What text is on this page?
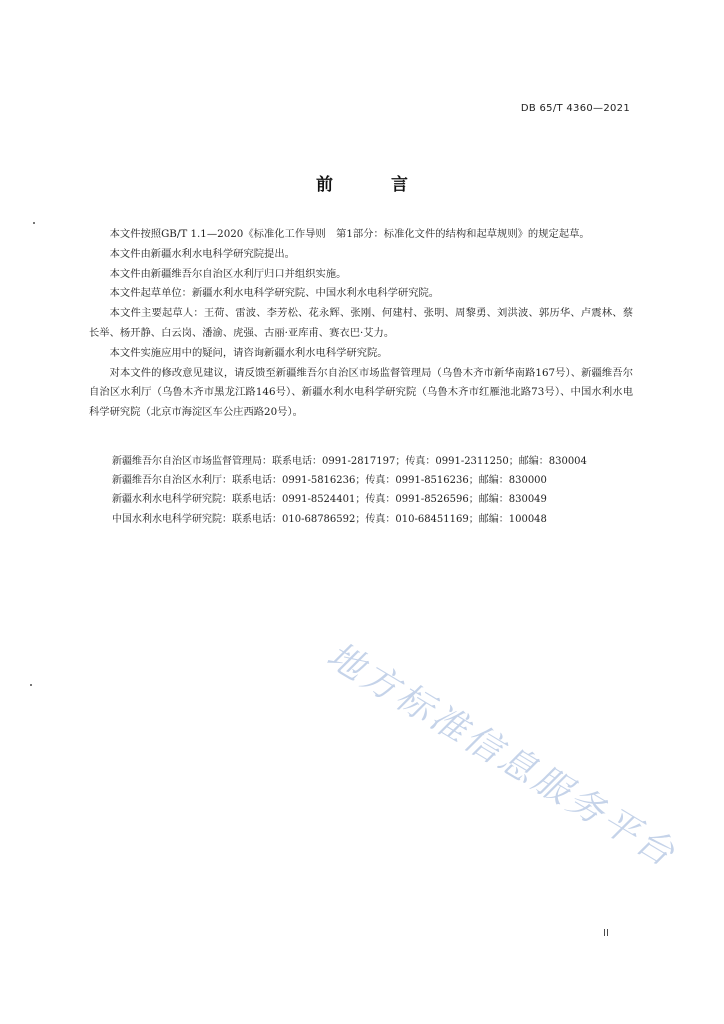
DB 65/T 4360—2021
前 言

本文件按照GB/T 1.1—2020《标准化工作导则　第1部分：标准化文件的结构和起草规则》的规定起草。

本文件由新疆水利水电科学研究院提出。

本文件由新疆维吾尔自治区水利厅归口并组织实施。

本文件起草单位：新疆水利水电科学研究院、中国水利水电科学研究院。

本文件主要起草人：王荷、雷波、李芳松、花永辉、张刚、何建村、张明、周黎勇、刘洪波、郭历华、卢震林、蔡长举、杨开静、白云岗、潘渝、虎强、古丽·亚库甫、赛衣巴·艾力。

本文件实施应用中的疑问，请咨询新疆水利水电科学研究院。

对本文件的修改意见建议，请反馈至新疆维吾尔自治区市场监督管理局（乌鲁木齐市新华南路167号）、新疆维吾尔自治区水利厅（乌鲁木齐市黑龙江路146号）、新疆水利水电科学研究院（乌鲁木齐市红雁池北路73号）、中国水利水电科学研究院（北京市海淀区车公庄西路20号）。

新疆维吾尔自治区市场监督管理局：联系电话：0991-2817197；传真：0991-2311250；邮编：830004
新疆维吾尔自治区水利厅：联系电话：0991-5816236；传真：0991-8516236；邮编：830000
新疆水利水电科学研究院：联系电话：0991-8524401；传真：0991-8526596；邮编：830049
中国水利水电科学研究院：联系电话：010-68786592；传真：010-68451169；邮编：100048
地方标准信息服务平台
II
